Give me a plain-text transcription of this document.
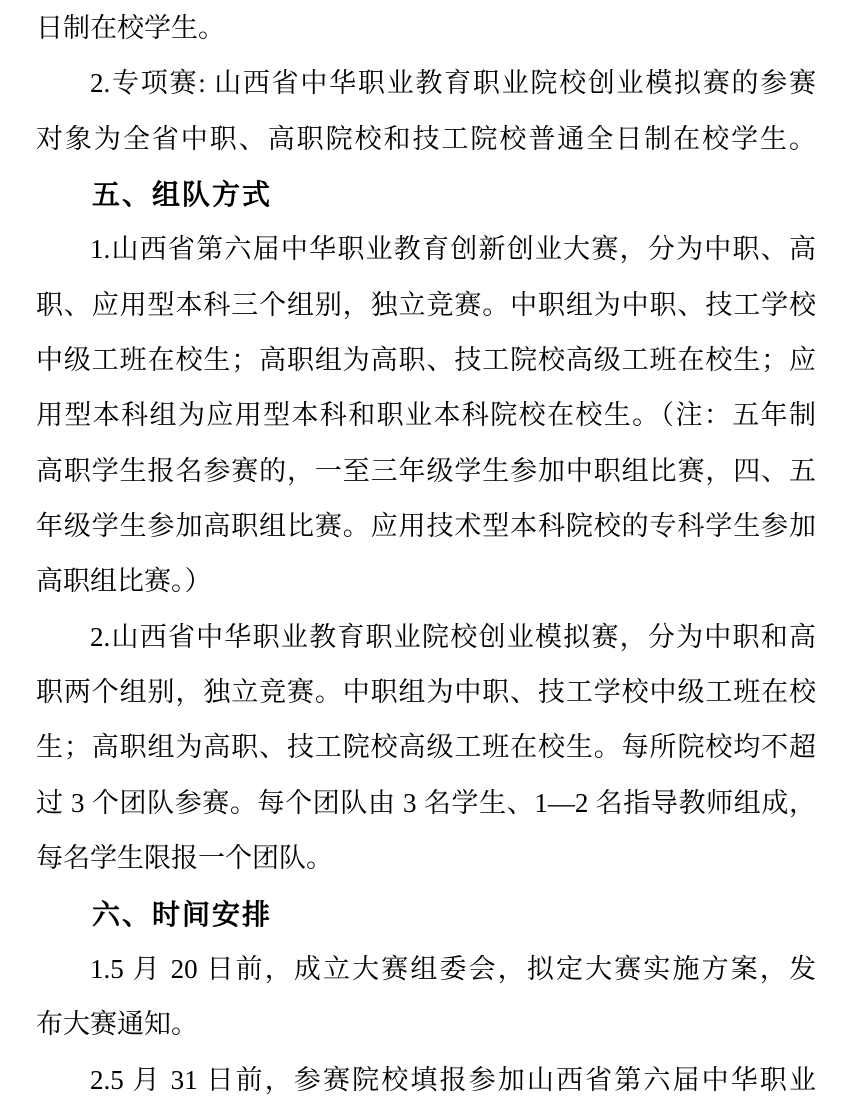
日制在校学生。
2.专项赛: 山西省中华职业教育职业院校创业模拟赛的参赛
对象为全省中职、高职院校和技工院校普通全日制在校学生。
五、组队方式
1.山西省第六届中华职业教育创新创业大赛，分为中职、高
职、应用型本科三个组别，独立竞赛。中职组为中职、技工学校
中级工班在校生；高职组为高职、技工院校高级工班在校生；应
用型本科组为应用型本科和职业本科院校在校生。（注：五年制
高职学生报名参赛的，一至三年级学生参加中职组比赛，四、五
年级学生参加高职组比赛。应用技术型本科院校的专科学生参加
高职组比赛。）
2.山西省中华职业教育职业院校创业模拟赛，分为中职和高
职两个组别，独立竞赛。中职组为中职、技工学校中级工班在校
生；高职组为高职、技工院校高级工班在校生。每所院校均不超
过 3 个团队参赛。每个团队由 3 名学生、1—2 名指导教师组成，
每名学生限报一个团队。
六、时间安排
1.5 月 20 日前，成立大赛组委会，拟定大赛实施方案，发
布大赛通知。
2.5 月 31 日前，参赛院校填报参加山西省第六届中华职业
